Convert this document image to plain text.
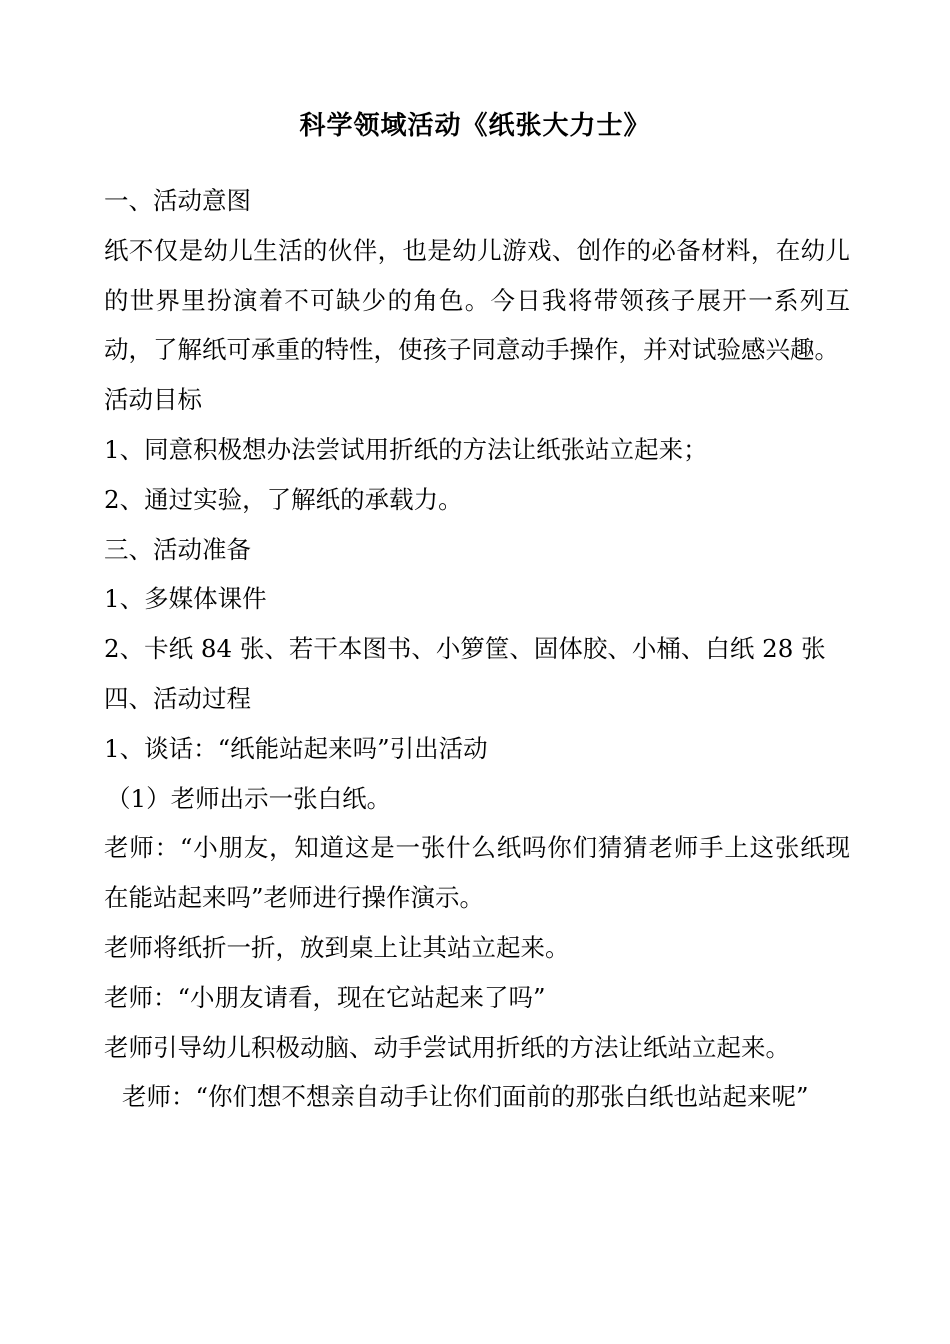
科学领域活动《纸张大力士》
一、活动意图
纸不仅是幼儿生活的伙伴，也是幼儿游戏、创作的必备材料，在幼儿的世界里扮演着不可缺少的角色。今日我将带领孩子展开一系列互动，了解纸可承重的特性，使孩子同意动手操作，并对试验感兴趣。
活动目标
1、同意积极想办法尝试用折纸的方法让纸张站立起来；
2、通过实验，了解纸的承载力。
三、活动准备
1、多媒体课件
2、卡纸 84 张、若干本图书、小箩筐、固体胶、小桶、白纸 28 张
四、活动过程
1、谈话：“纸能站起来吗”引出活动
（1）老师出示一张白纸。
老师：“小朋友，知道这是一张什么纸吗你们猜猜老师手上这张纸现在能站起来吗”老师进行操作演示。
老师将纸折一折，放到桌上让其站立起来。
老师：“小朋友请看，现在它站起来了吗”
老师引导幼儿积极动脑、动手尝试用折纸的方法让纸站立起来。
老师：“你们想不想亲自动手让你们面前的那张白纸也站起来呢”
